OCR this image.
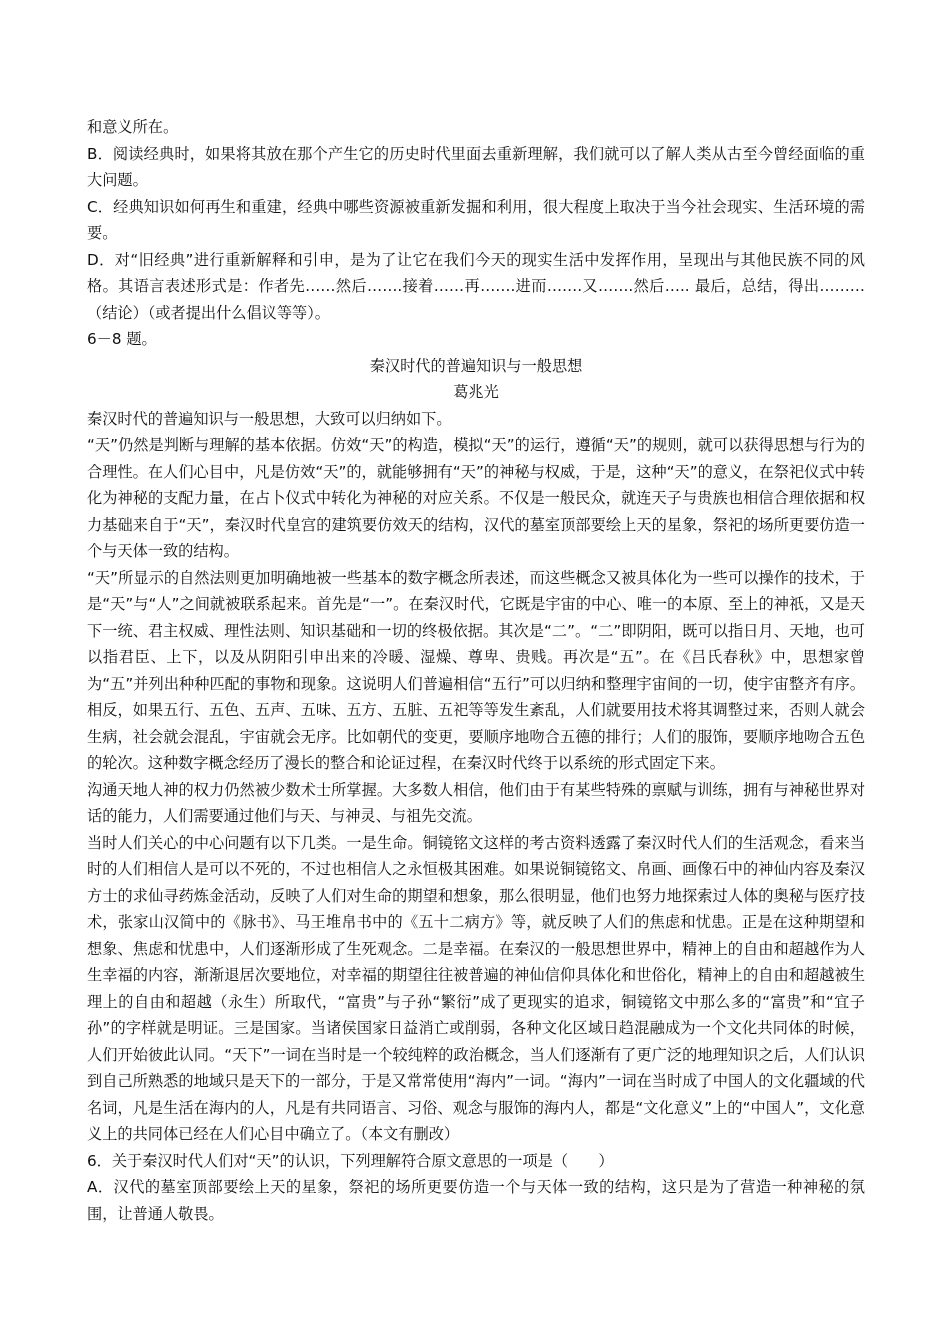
和意义所在。

B．阅读经典时，如果将其放在那个产生它的历史时代里面去重新理解，我们就可以了解人类从古至今曾经面临的重大问题。

C．经典知识如何再生和重建，经典中哪些资源被重新发掘和利用，很大程度上取决于当今社会现实、生活环境的需要。

D．对“旧经典”进行重新解释和引申，是为了让它在我们今天的现实生活中发挥作用，呈现出与其他民族不同的风格。其语言表述形式是：作者先……然后…….接着……再…….进而…….又…….然后….. 最后，总结，得出………（结论）（或者提出什么倡议等等）。

6－8 题。

秦汉时代的普遍知识与一般思想

葛兆光

秦汉时代的普遍知识与一般思想，大致可以归纳如下。

“天”仍然是判断与理解的基本依据。仿效“天”的构造，模拟“天”的运行，遵循“天”的规则，就可以获得思想与行为的合理性。在人们心目中，凡是仿效“天”的，就能够拥有“天”的神秘与权威，于是，这种“天”的意义，在祭祀仪式中转化为神秘的支配力量，在占卜仪式中转化为神秘的对应关系。不仅是一般民众，就连天子与贵族也相信合理依据和权力基础来自于“天”，秦汉时代皇宫的建筑要仿效天的结构，汉代的墓室顶部要绘上天的星象，祭祀的场所更要仿造一个与天体一致的结构。

“天”所显示的自然法则更加明确地被一些基本的数字概念所表述，而这些概念又被具体化为一些可以操作的技术，于是“天”与“人”之间就被联系起来。首先是“一”。在秦汉时代，它既是宇宙的中心、唯一的本原、至上的神祇，又是天下一统、君主权威、理性法则、知识基础和一切的终极依据。其次是“二”。“二”即阴阳，既可以指日月、天地，也可以指君臣、上下，以及从阴阳引申出来的冷暖、湿燥、尊卑、贵贱。再次是“五”。在《吕氏春秋》中，思想家曾为“五”并列出种种匹配的事物和现象。这说明人们普遍相信“五行”可以归纳和整理宇宙间的一切，使宇宙整齐有序。相反，如果五行、五色、五声、五味、五方、五脏、五祀等等发生紊乱，人们就要用技术将其调整过来，否则人就会生病，社会就会混乱，宇宙就会无序。比如朝代的变更，要顺序地吻合五德的排行；人们的服饰，要顺序地吻合五色的轮次。这种数字概念经历了漫长的整合和论证过程，在秦汉时代终于以系统的形式固定下来。

沟通天地人神的权力仍然被少数术士所掌握。大多数人相信，他们由于有某些特殊的禀赋与训练，拥有与神秘世界对话的能力，人们需要通过他们与天、与神灵、与祖先交流。

当时人们关心的中心问题有以下几类。一是生命。铜镜铭文这样的考古资料透露了秦汉时代人们的生活观念，看来当时的人们相信人是可以不死的，不过也相信人之永恒极其困难。如果说铜镜铭文、帛画、画像石中的神仙内容及秦汉方士的求仙寻药炼金活动，反映了人们对生命的期望和想象，那么很明显，他们也努力地探索过人体的奥秘与医疗技术，张家山汉简中的《脉书》、马王堆帛书中的《五十二病方》等，就反映了人们的焦虑和忧患。正是在这种期望和想象、焦虑和忧患中，人们逐渐形成了生死观念。二是幸福。在秦汉的一般思想世界中，精神上的自由和超越作为人生幸福的内容，渐渐退居次要地位，对幸福的期望往往被普遍的神仙信仰具体化和世俗化，精神上的自由和超越被生理上的自由和超越（永生）所取代，“富贵”与子孙“繁衍”成了更现实的追求，铜镜铭文中那么多的“富贵”和“宜子孙”的字样就是明证。三是国家。当诸侯国家日益消亡或削弱，各种文化区域日趋混融成为一个文化共同体的时候，人们开始彼此认同。“天下”一词在当时是一个较纯粹的政治概念，当人们逐渐有了更广泛的地理知识之后，人们认识到自己所熟悉的地域只是天下的一部分，于是又常常使用“海内”一词。“海内”一词在当时成了中国人的文化疆域的代名词，凡是生活在海内的人，凡是有共同语言、习俗、观念与服饰的海内人，都是“文化意义”上的“中国人”，文化意义上的共同体已经在人们心目中确立了。（本文有删改）

6．关于秦汉时代人们对“天”的认识，下列理解符合原文意思的一项是（　　）

A．汉代的墓室顶部要绘上天的星象，祭祀的场所更要仿造一个与天体一致的结构，这只是为了营造一种神秘的氛围，让普通人敬畏。
